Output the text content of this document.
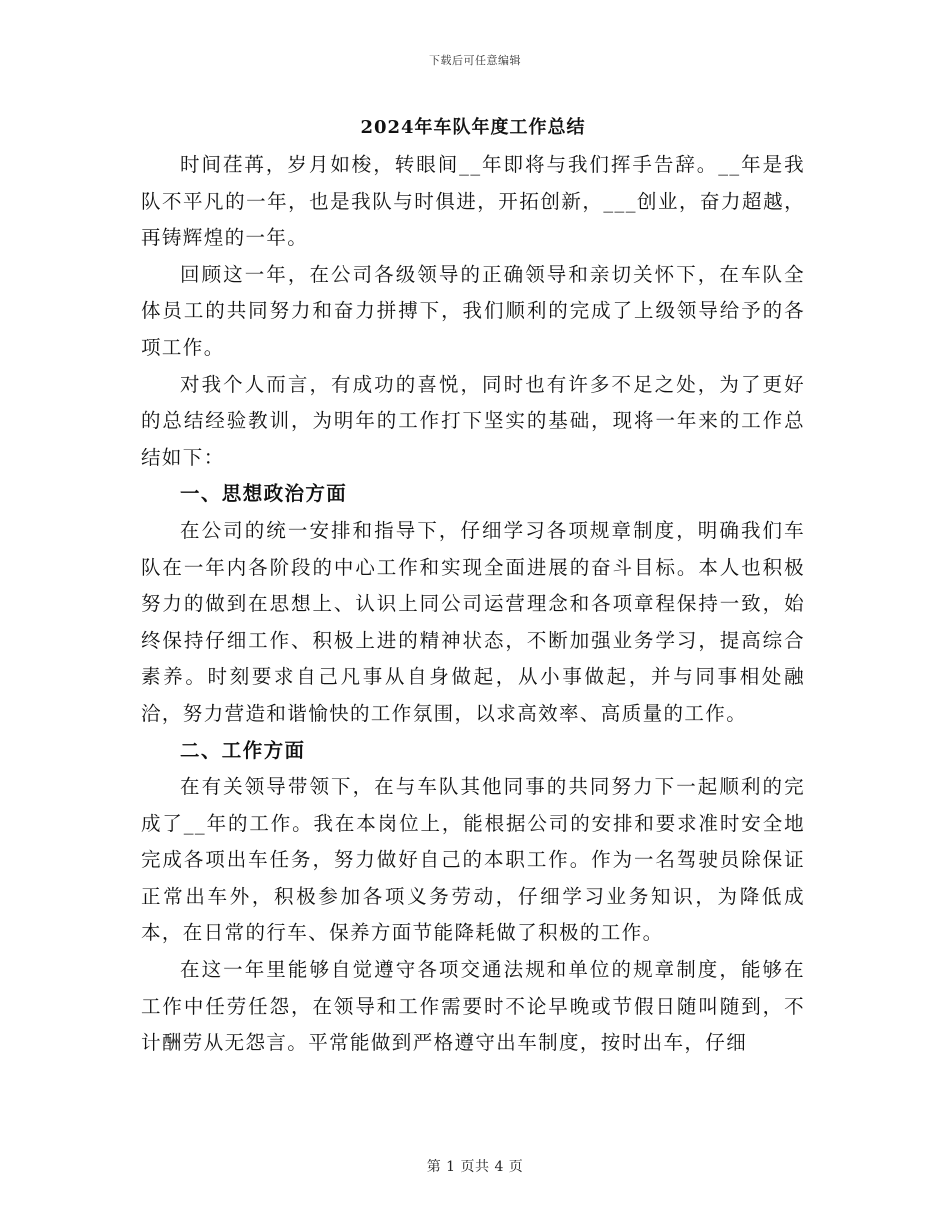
下载后可任意编辑
2024年车队年度工作总结

时间荏苒，岁月如梭，转眼间__年即将与我们挥手告辞。__年是我队不平凡的一年，也是我队与时俱进，开拓创新，___创业，奋力超越，再铸辉煌的一年。

回顾这一年，在公司各级领导的正确领导和亲切关怀下，在车队全体员工的共同努力和奋力拼搏下，我们顺利的完成了上级领导给予的各项工作。

对我个人而言，有成功的喜悦，同时也有许多不足之处，为了更好的总结经验教训，为明年的工作打下坚实的基础，现将一年来的工作总结如下：

一、思想政治方面

在公司的统一安排和指导下，仔细学习各项规章制度，明确我们车队在一年内各阶段的中心工作和实现全面进展的奋斗目标。本人也积极努力的做到在思想上、认识上同公司运营理念和各项章程保持一致，始终保持仔细工作、积极上进的精神状态，不断加强业务学习，提高综合素养。时刻要求自己凡事从自身做起，从小事做起，并与同事相处融洽，努力营造和谐愉快的工作氛围，以求高效率、高质量的工作。

二、工作方面

在有关领导带领下，在与车队其他同事的共同努力下一起顺利的完成了__年的工作。我在本岗位上，能根据公司的安排和要求准时安全地完成各项出车任务，努力做好自己的本职工作。作为一名驾驶员除保证正常出车外，积极参加各项义务劳动，仔细学习业务知识，为降低成本，在日常的行车、保养方面节能降耗做了积极的工作。

在这一年里能够自觉遵守各项交通法规和单位的规章制度，能够在工作中任劳任怨，在领导和工作需要时不论早晚或节假日随叫随到，不计酬劳从无怨言。平常能做到严格遵守出车制度，按时出车，仔细

第 1 页共 4 页
